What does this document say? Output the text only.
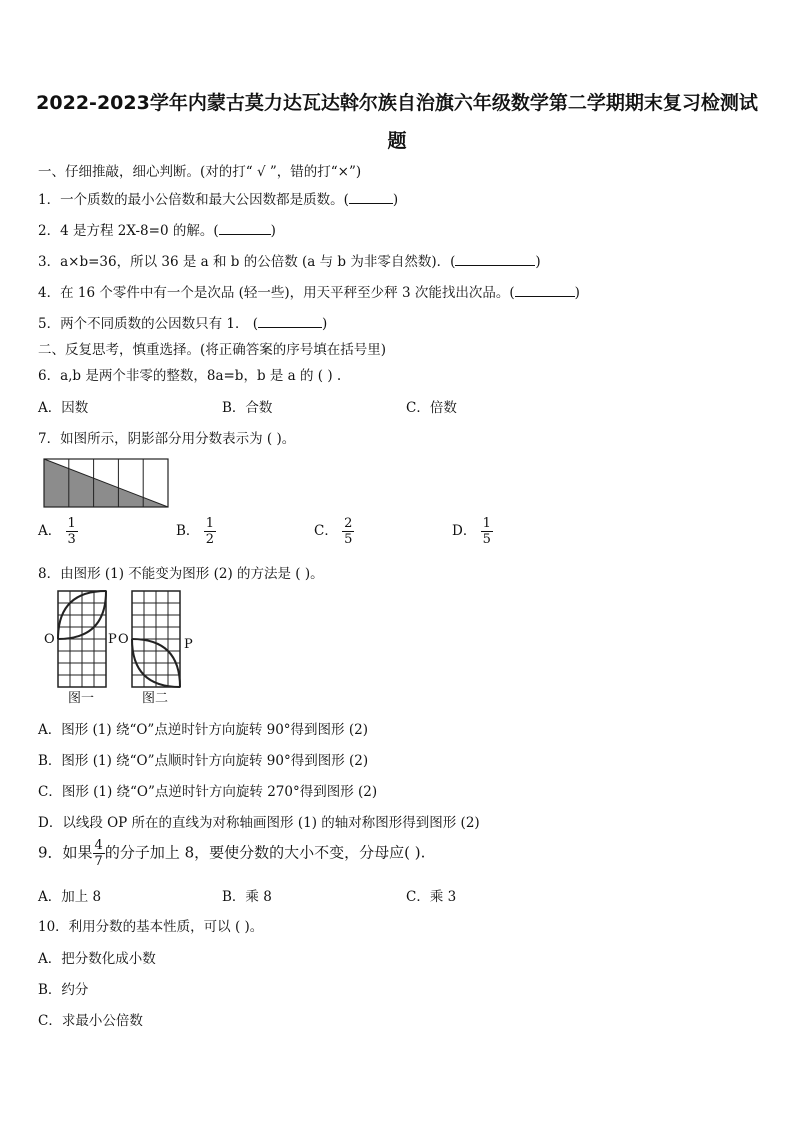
2022-2023学年内蒙古莫力达瓦达斡尔族自治旗六年级数学第二学期期末复习检测试
题
一、仔细推敲，细心判断。(对的打“ √ ”，错的打“×”)
1．一个质数的最小公倍数和最大公因数都是质数。(	)
2．4 是方程 2X-8=0 的解。(	)
3．a×b=36，所以 36 是 a 和 b 的公倍数 (a 与 b 为非零自然数)．(	)
4．在 16 个零件中有一个是次品 (轻一些)，用天平秤至少秤 3 次能找出次品。(	)
5．两个不同质数的公因数只有 1． (	)
二、反复思考，慎重选择。(将正确答案的序号填在括号里)
6．a,b 是两个非零的整数，8a=b，b 是 a 的 ( ) .
A．因数	B．合数	C．倍数
7．如图所示，阴影部分用分数表示为 ( )。
A． $\frac{1}{3}$	B． $\frac{1}{2}$	C． $\frac{2}{5}$	D． $\frac{1}{5}$
8．由图形 (1) 不能变为图形 (2) 的方法是 ( )。
O	P O	P
图一	图二
A．图形 (1) 绕“O”点逆时针方向旋转 90°得到图形 (2)
B．图形 (1) 绕“O”点顺时针方向旋转 90°得到图形 (2)
C．图形 (1) 绕“O”点逆时针方向旋转 270°得到图形 (2)
D．以线段 OP 所在的直线为对称轴画图形 (1) 的轴对称图形得到图形 (2)
9．如果 $\frac{4}{7}$ 的分子加上 8，要使分数的大小不变，分母应( ).
A．加上 8	B．乘 8	C．乘 3
10．利用分数的基本性质，可以 ( )。
A．把分数化成小数
B．约分
C．求最小公倍数
